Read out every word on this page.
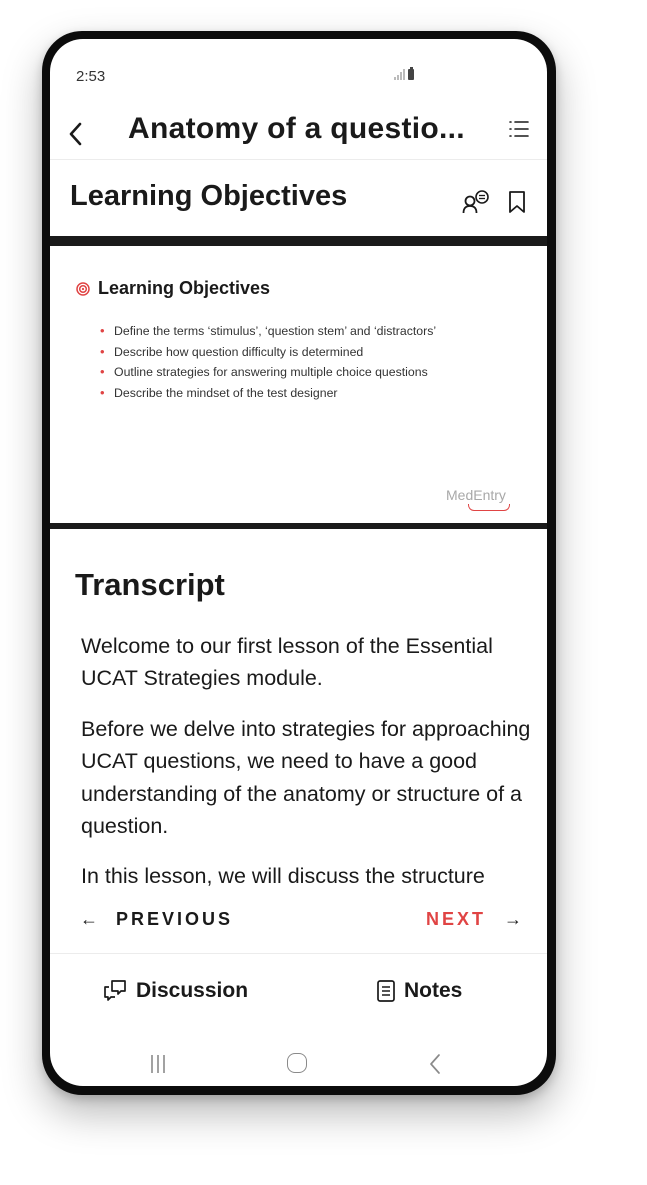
2:53
Anatomy of a questio...
Learning Objectives
Learning Objectives
• Define the terms ‘stimulus’, ‘question stem’ and ‘distractors’
• Describe how question difficulty is determined
• Outline strategies for answering multiple choice questions
• Describe the mindset of the test designer
MedEntry
Transcript

Welcome to our first lesson of the Essential UCAT Strategies module.

Before we delve into strategies for approaching UCAT questions, we need to have a good understanding of the anatomy or structure of a question.

In this lesson, we will discuss the structure

← PREVIOUS	NEXT →
Discussion	Notes
